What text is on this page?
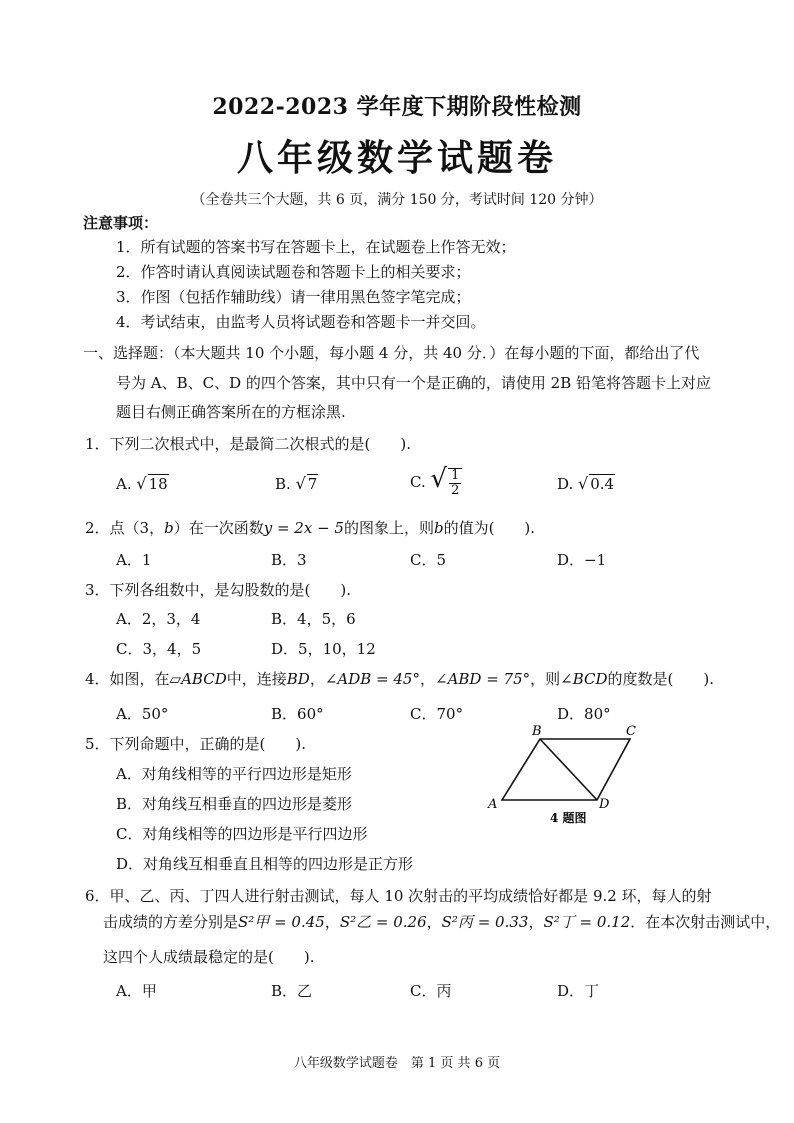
2022-2023 学年度下期阶段性检测
八年级数学试题卷
（全卷共三个大题，共 6 页，满分 150 分，考试时间 120 分钟）
注意事项：
1．所有试题的答案书写在答题卡上，在试题卷上作答无效；
2．作答时请认真阅读试题卷和答题卡上的相关要求；
3．作图（包括作辅助线）请一律用黑色签字笔完成；
4．考试结束，由监考人员将试题卷和答题卡一并交回。
一、选择题：（本大题共 10 个小题，每小题 4 分，共 40 分．）在每小题的下面，都给出了代
号为 A、B、C、D 的四个答案，其中只有一个是正确的，请使用 2B 铅笔将答题卡上对应
题目右侧正确答案所在的方框涂黑.
1．下列二次根式中，是最简二次根式的是(　　).
A. √ 18	B. √ 7	C. √ $\frac{1}{2}$	D. √ 0.4
2．点（3，b）在一次函数y = 2x − 5的图象上，则b的值为(　　).
A．1	B．3	C．5	D．−1
3．下列各组数中，是勾股数的是(　　).
A．2，3，4	B．4，5，6
C．3，4，5	D．5，10，12
4．如图，在▱ABCD中，连接BD，∠ADB = 45°，∠ABD = 75°，则∠BCD的度数是(　　).
A．50°	B．60°	C．70°	D．80°
A
B	C
D
4 题图
5．下列命题中，正确的是(　　).
A．对角线相等的平行四边形是矩形
B．对角线互相垂直的四边形是菱形
C．对角线相等的四边形是平行四边形
D．对角线互相垂直且相等的四边形是正方形
6．甲、乙、丙、丁四人进行射击测试，每人 10 次射击的平均成绩恰好都是 9.2 环，每人的射
击成绩的方差分别是S²甲 = 0.45，S²乙 = 0.26，S²丙 = 0.33，S²丁 = 0.12．在本次射击测试中，
这四个人成绩最稳定的是(　　).
A．甲	B．乙	C．丙	D．丁
八年级数学试题卷　第 1 页 共 6 页
